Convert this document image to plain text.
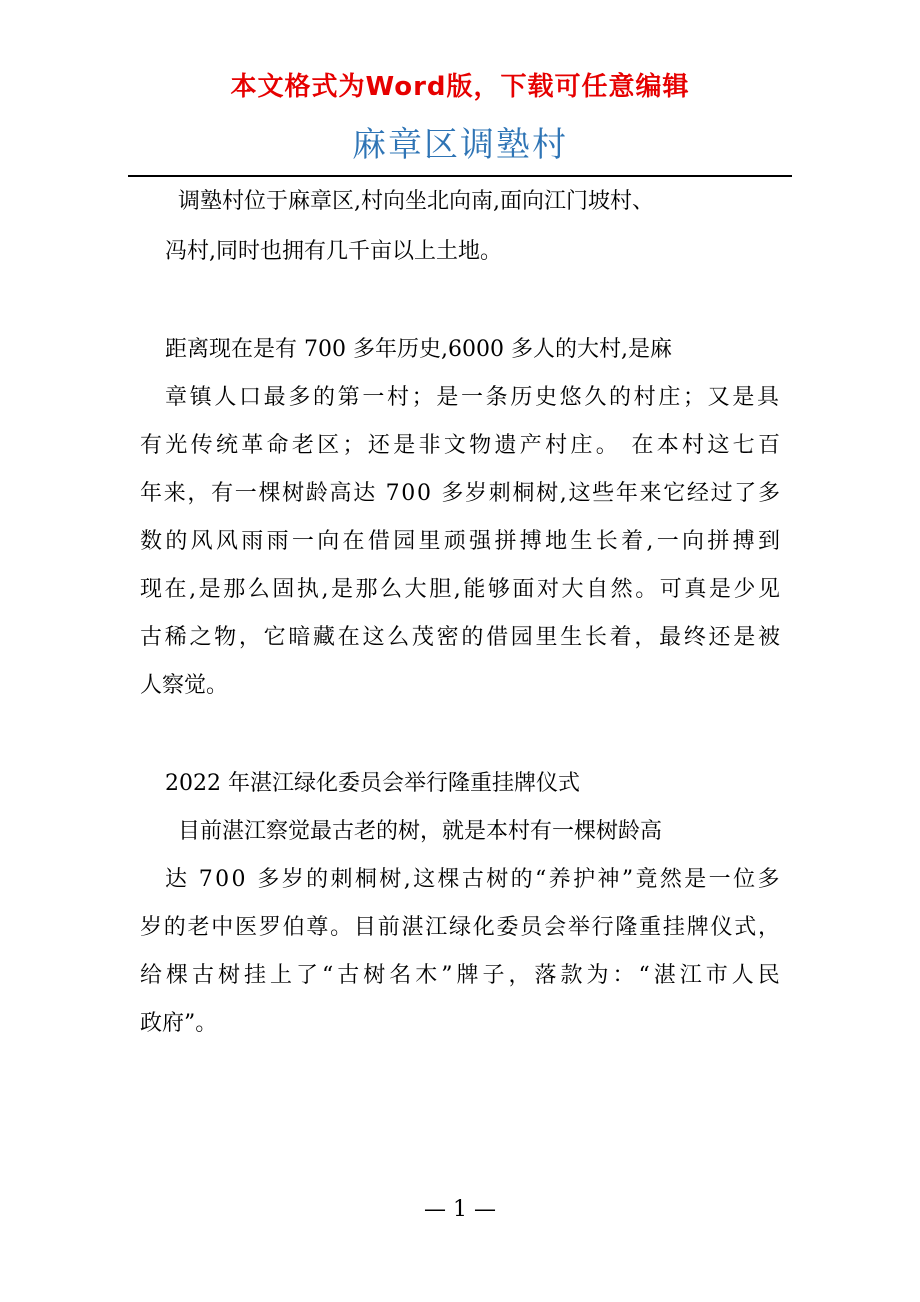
本文格式为Word版，下载可任意编辑
麻章区调塾村
调塾村位于麻章区,村向坐北向南,面向江门坡村、
冯村,同时也拥有几千亩以上土地。
距离现在是有 700 多年历史,6000 多人的大村,是麻
章镇人口最多的第一村；是一条历史悠久的村庄；又是具
有光传统革命老区；还是非文物遗产村庄。 在本村这七百
年来，有一棵树龄高达 700 多岁刺桐树,这些年来它经过了多
数的风风雨雨一向在借园里顽强拼搏地生长着,一向拼搏到
现在,是那么固执,是那么大胆,能够面对大自然。可真是少见
古稀之物，它暗藏在这么茂密的借园里生长着，最终还是被
人察觉。
2022 年湛江绿化委员会举行隆重挂牌仪式
目前湛江察觉最古老的树，就是本村有一棵树龄高
达 700 多岁的刺桐树,这棵古树的“养护神”竟然是一位多
岁的老中医罗伯尊。目前湛江绿化委员会举行隆重挂牌仪式，
给棵古树挂上了“古树名木”牌子，落款为：“湛江市人民
政府”。
— 1 —
